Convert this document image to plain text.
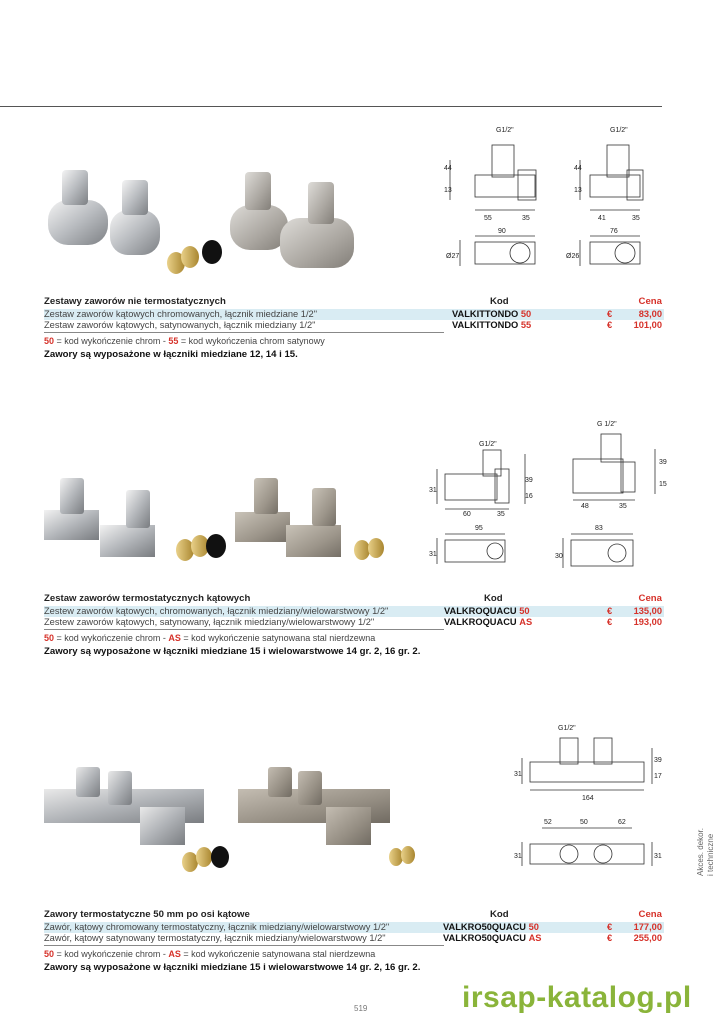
G1/2"	G1/2"
44
13
55	35
44
13
41	35
90
Ø27
76
Ø26
Zestawy zaworów nie termostatycznych	Kod	Cena
Zestaw zaworów kątowych chromowanych, łącznik miedziane 1/2"	VALKITTONDO 50	€	83,00
Zestaw zaworów kątowych, satynowanych, łącznik miedziany 1/2"	VALKITTONDO 55	€ 101,00
50 = kod wykończenie chrom - 55 = kod wykończenia chrom satynowy
Zawory są wyposażone w łączniki miedziane 12, 14 i 15.
G1/2"
G 1/2"
31
39
16
60	35
39
15
48	35
95
31
83
30
Zestaw zaworów termostatycznych kątowych	Kod	Cena
Zestew zaworów kątowych, chromowanych, łącznik miedziany/wielowarstwowy 1/2"	VALKROQUACU 50	€ 135,00
Zestew zaworów kątowych, satynowany, łącznik miedziany/wielowarstwowy 1/2"	VALKROQUACU AS	€ 193,00
50 = kod wykończenie chrom - AS = kod wykończenie satynowana stal nierdzewna
Zawory są wyposażone w łączniki miedziane 15 i wielowarstwowe 14 gr. 2, 16 gr. 2.
G1/2"
31
39
17
164
52	50	62
31	31
Zawory termostatyczne 50 mm po osi kątowe	Kod	Cena
Zawór, kątowy chromowany termostatyczny, łącznik miedziany/wielowarstwowy 1/2"	VALKRO50QUACU 50	€ 177,00
Zawór, kątowy satynowany termostatyczny, łącznik miedziany/wielowarstwowy 1/2"	VALKRO50QUACU AS	€ 255,00
50 = kod wykończenie chrom - AS = kod wykończenie satynowana stal nierdzewna
Zawory są wyposażone w łączniki miedziane 15 i wielowarstwowe 14 gr. 2, 16 gr. 2.
Akces. dekor. i techniczne
519	irsap-katalog.pl
